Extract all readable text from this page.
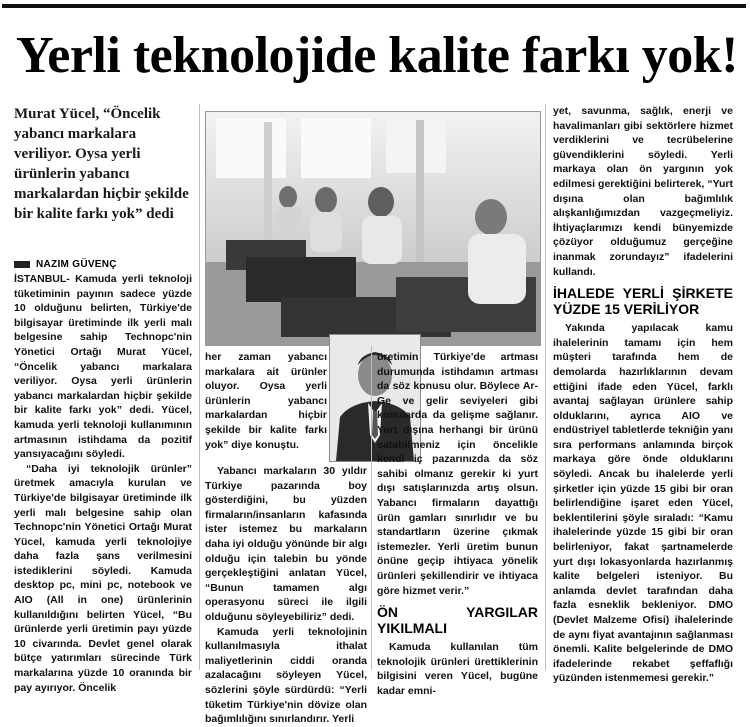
Yerli teknolojide kalite farkı yok!

Murat Yücel, “Öncelik yabancı markalara veriliyor. Oysa yerli ürünlerin yabancı markalardan hiçbir şekilde bir kalite farkı yok” dedi

NAZIM GÜVENÇ

İSTANBUL- Kamuda yerli teknoloji tüketiminin payının sadece yüzde 10 olduğunu belirten, Türkiye'de bilgisayar üretiminde ilk yerli malı belgesine sahip Technopc'nin Yönetici Ortağı Murat Yücel, “Öncelik yabancı markalara veriliyor. Oysa yerli ürünlerin yabancı markalardan hiçbir şekilde bir kalite farkı yok” dedi. Yücel, kamuda yerli teknoloji kullanımının artmasının istihdama da pozitif yansıyacağını söyledi.

“Daha iyi teknolojik ürünler” üretmek amacıyla kurulan ve Türkiye'de bilgisayar üretiminde ilk yerli malı belgesine sahip olan Technopc'nin Yönetici Ortağı Murat Yücel, kamuda yerli teknolojiye daha fazla şans verilmesini istediklerini söyledi. Kamuda desktop pc, mini pc, notebook ve AIO (All in one) ürünlerinin kullanıldığını belirten Yücel, “Bu ürünlerde yerli üretimin payı yüzde 10 civarında. Devlet genel olarak bütçe yatırımları sürecinde Türk markalarına yüzde 10 oranında bir pay ayırıyor. Öncelik

her zaman yabancı markalara ait ürünler oluyor. Oysa yerli ürünlerin yabancı markalardan hiçbir şekilde bir kalite farkı yok” diye konuştu.

Yabancı markaların 30 yıldır Türkiye pazarında boy gösterdiğini, bu yüzden firmaların/insanların kafasında ister istemez bu markaların daha iyi olduğu yönünde bir algı olduğu için talebin bu yönde gerçekleştiğini anlatan Yücel, “Bunun tamamen algı operasyonu süreci ile ilgili olduğunu söyleyebiliriz” dedi.

Kamuda yerli teknolojinin kullanılmasıyla ithalat maliyetlerinin ciddi oranda azalacağını söyleyen Yücel, sözlerini şöyle sürdürdü: “Yerli tüketim Türkiye'nin dövize olan bağımlılığını sınırlandırır. Yerli

üretimin Türkiye'de artması durumunda istihdamın artması da söz konusu olur. Böylece Ar-Ge ve gelir seviyeleri gibi konularda da gelişme sağlanır. Yurt dışına herhangi bir ürünü satabilmeniz için öncelikle kendi iç pazarınızda da söz sahibi olmanız gerekir ki yurt dışı satışlarınızda artış olsun. Yabancı firmaların dayattığı ürün gamları sınırlıdır ve bu standartların üzerine çıkmak istemezler. Yerli üretim bunun önüne geçip ihtiyaca yönelik ürünleri şekillendirir ve ihtiyaca göre hizmet verir.”

ÖN YARGILAR YIKILMALI

Kamuda kullanılan tüm teknolojik ürünleri ürettiklerinin bilgisini veren Yücel, bugüne kadar emni-

yet, savunma, sağlık, enerji ve havalimanları gibi sektörlere hizmet verdiklerini ve tecrübelerine güvendiklerini söyledi. Yerli markaya olan ön yargının yok edilmesi gerektiğini belirterek, “Yurt dışına olan bağımlılık alışkanlığımızdan vazgeçmeliyiz. İhtiyaçlarımızı kendi bünyemizde çözüyor olduğumuz gerçeğine inanmak zorundayız” ifadelerini kullandı.

İHALEDE YERLİ ŞİRKETE YÜZDE 15 VERİLİYOR

Yakında yapılacak kamu ihalelerinin tamamı için hem müşteri tarafında hem de demolarda hazırlıklarının devam ettiğini ifade eden Yücel, farklı avantaj sağlayan ürünlere sahip olduklarını, ayrıca AIO ve endüstriyel tabletlerde tekniğin yanı sıra performans anlamında birçok markaya göre önde olduklarını söyledi. Ancak bu ihalelerde yerli şirketler için yüzde 15 gibi bir oran belirlendiğine işaret eden Yücel, beklentilerini şöyle sıraladı: “Kamu ihalelerinde yüzde 15 gibi bir oran belirleniyor, fakat şartnamelerde yurt dışı lokasyonlarda hazırlanmış kalite belgeleri isteniyor. Bu anlamda devlet tarafından daha fazla esneklik bekleniyor. DMO (Devlet Malzeme Ofisi) ihalelerinde de aynı fiyat avantajının sağlanması önemli. Kalite belgelerinde de DMO ifadelerinde rekabet şeffaflığı yüzünden istenmemesi gerekir.”
